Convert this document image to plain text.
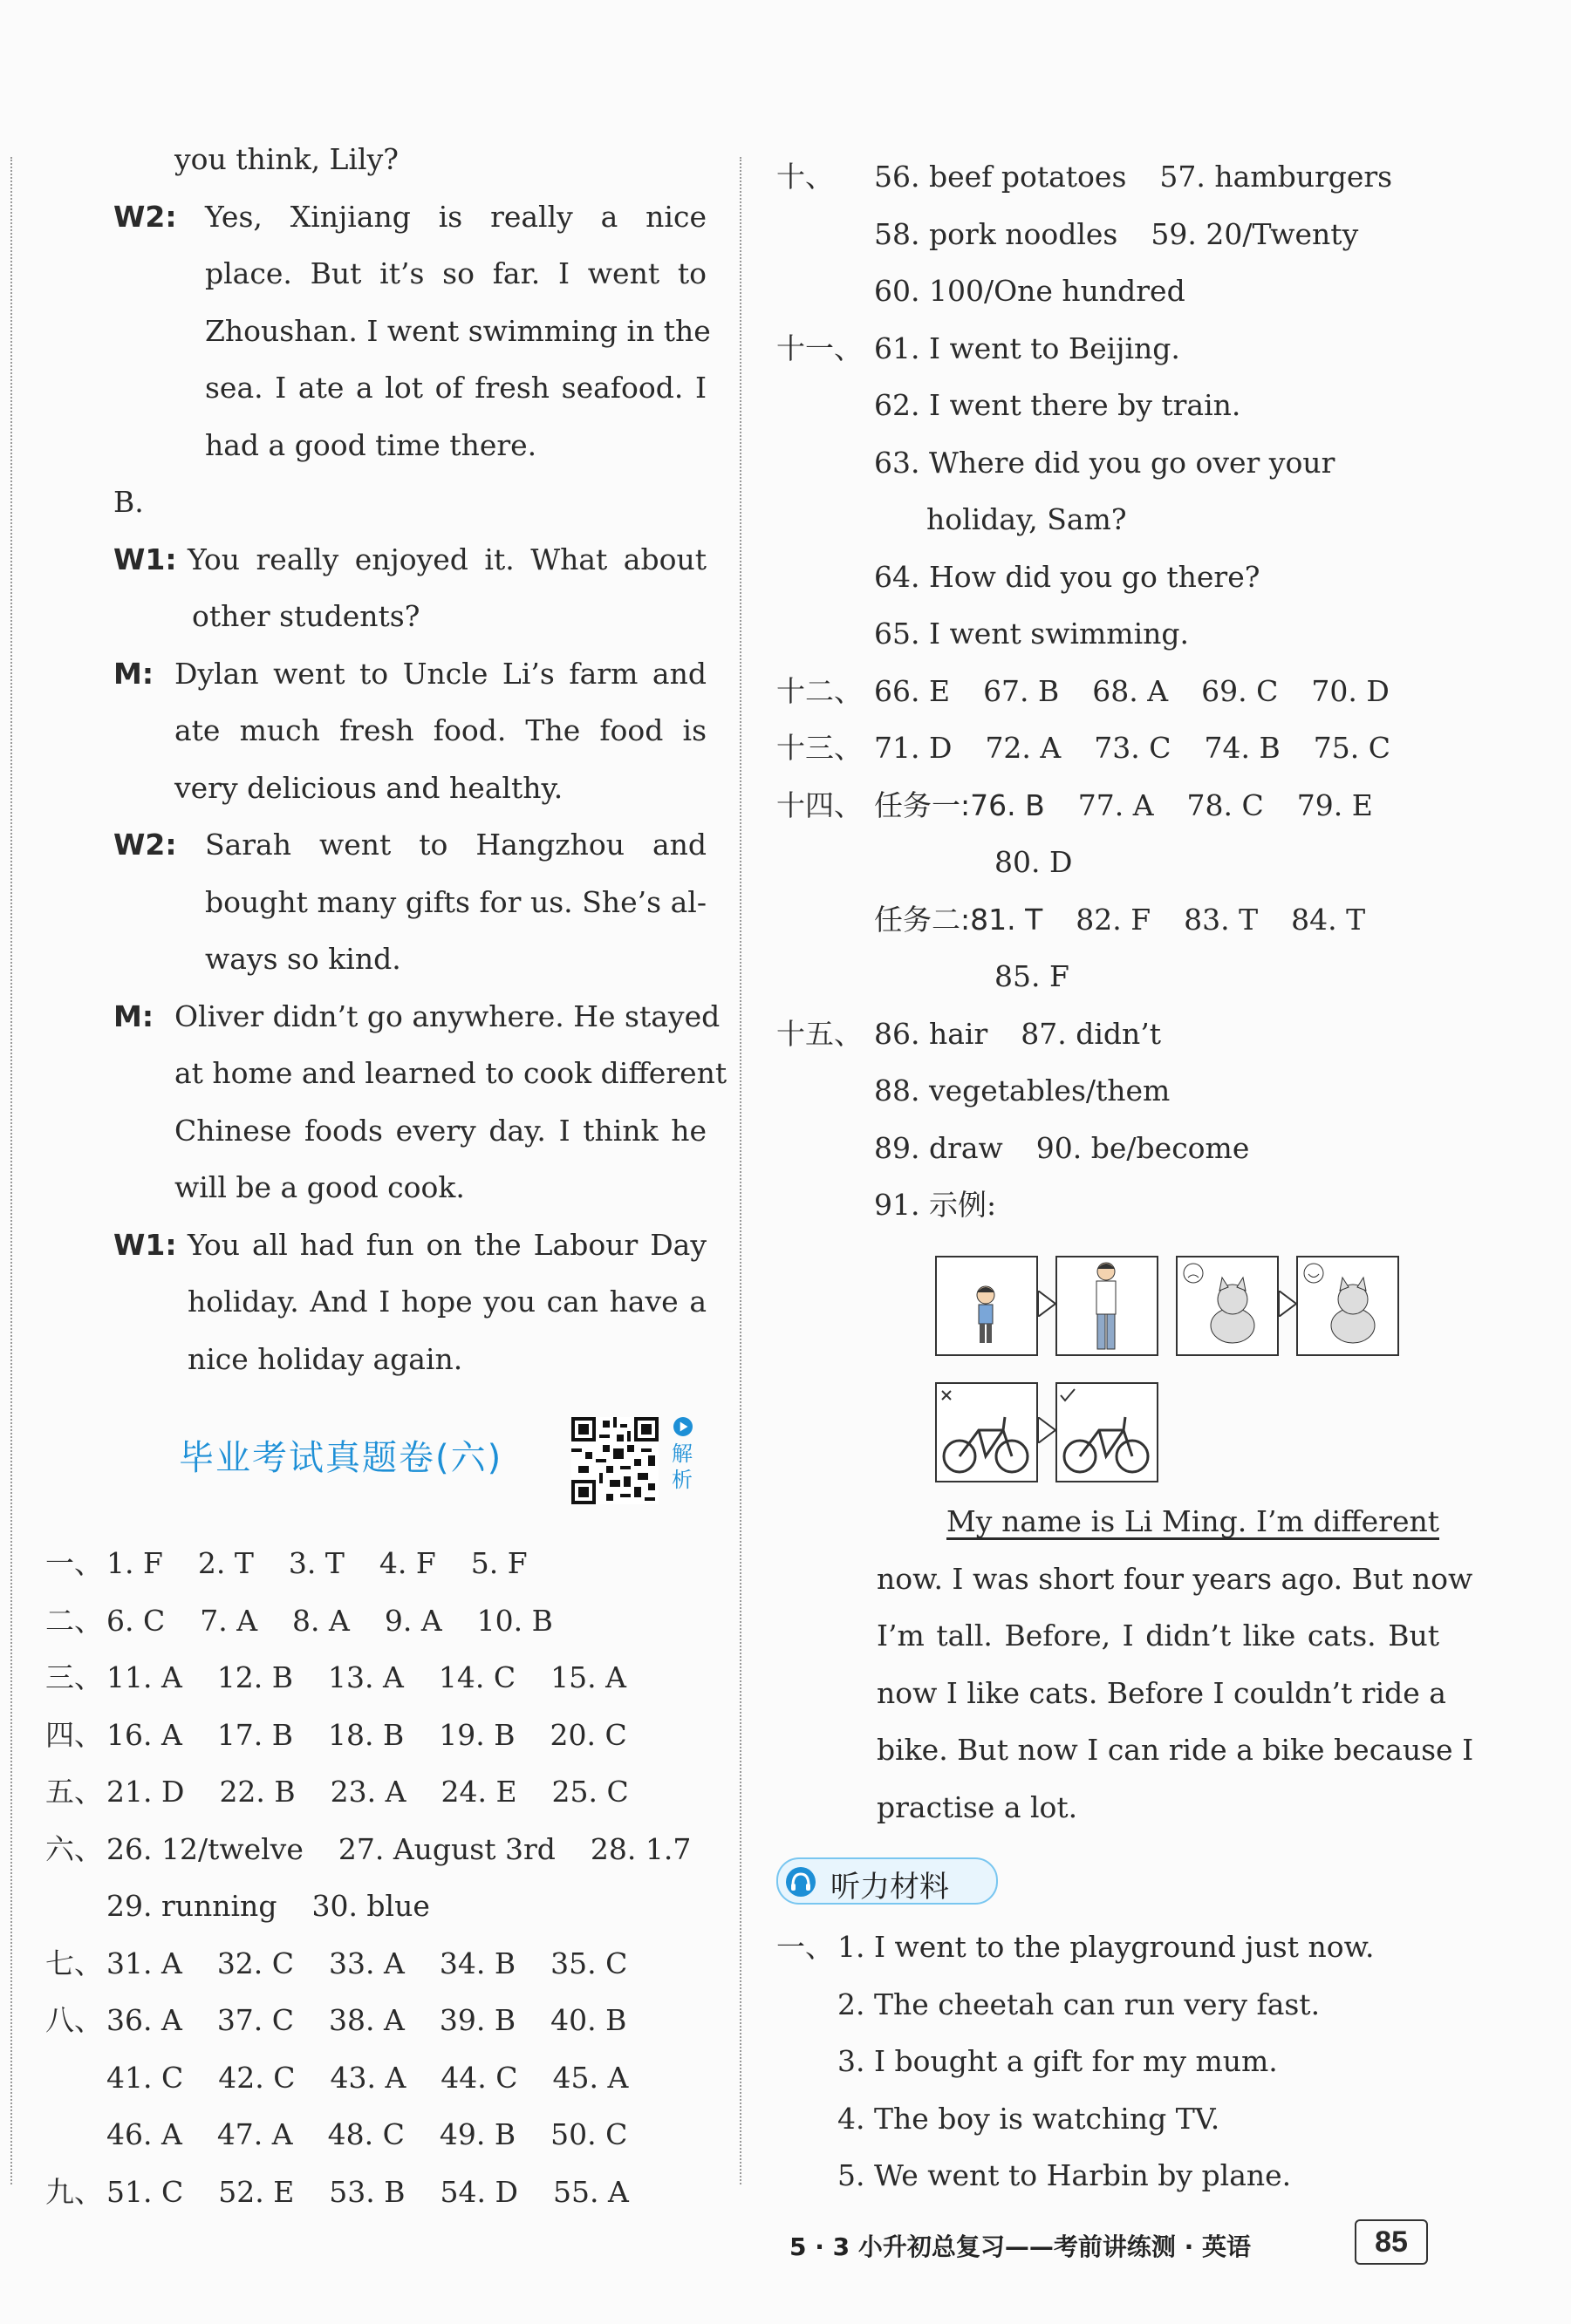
you think, Lily?
W2: Yes, Xinjiang is really a nice
place. But it’s so far. I went to
Zhoushan. I went swimming in the
sea. I ate a lot of fresh seafood. I
had a good time there.
B.
W1: You really enjoyed it. What about
other students?
M: Dylan went to Uncle Li’s farm and
ate much fresh food. The food is
very delicious and healthy.
W2: Sarah went to Hangzhou and
bought many gifts for us. She’s al-
ways so kind.
M: Oliver didn’t go anywhere. He stayed
at home and learned to cook different
Chinese foods every day. I think he
will be a good cook.
W1: You all had fun on the Labour Day
holiday. And I hope you can have a
nice holiday again.
毕业考试真题卷(六)	解析
一、 1. F 2. T 3. T 4. F 5. F
二、 6. C 7. A 8. A 9. A 10. B
三、 11. A 12. B 13. A 14. C 15. A
四、 16. A 17. B 18. B 19. B 20. C
五、 21. D 22. B 23. A 24. E 25. C
六、 26. 12/twelve 27. August 3rd 28. 1.7
29. running 30. blue
七、 31. A 32. C 33. A 34. B 35. C
八、 36. A 37. C 38. A 39. B 40. B
41. C 42. C 43. A 44. C 45. A
46. A 47. A 48. C 49. B 50. C
九、 51. C 52. E 53. B 54. D 55. A
十、 56. beef potatoes 57. hamburgers
58. pork noodles 59. 20/Twenty
60. 100/One hundred
十一、 61. I went to Beijing.
62. I went there by train.
63. Where did you go over your
holiday, Sam?
64. How did you go there?
65. I went swimming.
十二、 66. E 67. B 68. A 69. C 70. D
十三、 71. D 72. A 73. C 74. B 75. C
十四、 任务一:76. B 77. A 78. C 79. E
80. D
任务二:81. T 82. F 83. T 84. T
85. F
十五、 86. hair 87. didn’t
88. vegetables/them
89. draw 90. be/become
91. 示例:
My name is Li Ming. I’m different
now. I was short four years ago. But now
I’m tall. Before, I didn’t like cats. But
now I like cats. Before I couldn’t ride a
bike. But now I can ride a bike because I
practise a lot.
听力材料
一、 1. I went to the playground just now.
2. The cheetah can run very fast.
3. I bought a gift for my mum.
4. The boy is watching TV.
5. We went to Harbin by plane.
5 · 3 小升初总复习——考前讲练测 · 英语	85
